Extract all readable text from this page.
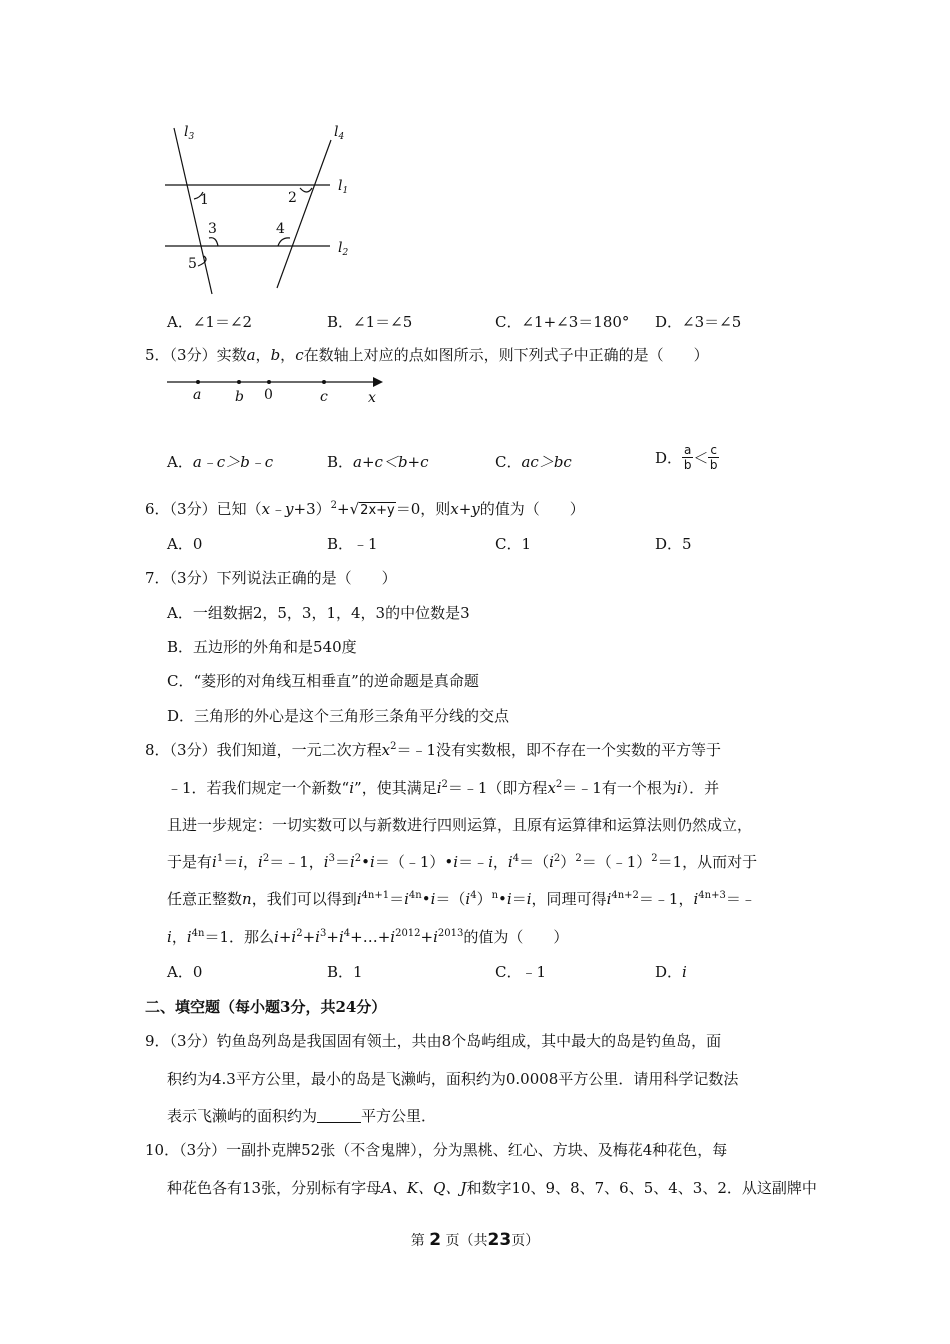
$l_3$	$l_4$
$l_1$
$l_2$
1	2
3	4
5
A．∠1＝∠2	B．∠1＝∠5	C．∠1+∠3＝180° D．∠3＝∠5
5．（3分）实数a，b，c在数轴上对应的点如图所示，则下列式子中正确的是（　　）
a b 0	c	x
A．a﹣c＞b﹣c	B．a+c＜b+c	C．ac＞bc	D． $\frac{a}{b} < \frac{c}{b}$
6．（3分）已知（x﹣y+3）$^2$+√2x+y＝0，则x+y的值为（　　）
A．0	B．﹣1	C．1	D．5
7．（3分）下列说法正确的是（　　）
A．一组数据2，5，3，1，4，3的中位数是3
B．五边形的外角和是540度
C．“菱形的对角线互相垂直”的逆命题是真命题
D．三角形的外心是这个三角形三条角平分线的交点
8．（3分）我们知道，一元二次方程$x^2=﹣1$没有实数根，即不存在一个实数的平方等于
﹣1．若我们规定一个新数“i”，使其满足$i^2=﹣1$（即方程$x^2=﹣1$有一个根为i）．并
且进一步规定：一切实数可以与新数进行四则运算，且原有运算律和运算法则仍然成立，
于是有$i^1=i$，$i^2=﹣1$，$i^3=i^2•i=(﹣1)•i=﹣i$，$i^4=(i^2)^2=(﹣1)^2=1$，从而对于
任意正整数n，我们可以得到$i^{4n+1}=i^{4n}•i=(i^4)^n•i=i$，同理可得$i^{4n+2}=﹣1$，$i^{4n+3}=﹣$
i，$i^{4n}=1$．那么$i+i^2+i^3+i^4+\dots+i^{2012}+i^{2013}$的值为（　　）
A．0	B．1	C．﹣1	D．i
二、填空题（每小题3分，共24分）
9．（3分）钓鱼岛列岛是我国固有领土，共由8个岛屿组成，其中最大的岛是钓鱼岛，面
积约为4.3平方公里，最小的岛是飞濑屿，面积约为0.0008平方公里．请用科学记数法
表示飞濑屿的面积约为	平方公里．
10．（3分）一副扑克牌52张（不含鬼牌），分为黑桃、红心、方块、及梅花4种花色，每
种花色各有13张，分别标有字母A、K、Q、J和数字10、9、8、7、6、5、4、3、2．从这副牌中
第 2 页（共23页）
